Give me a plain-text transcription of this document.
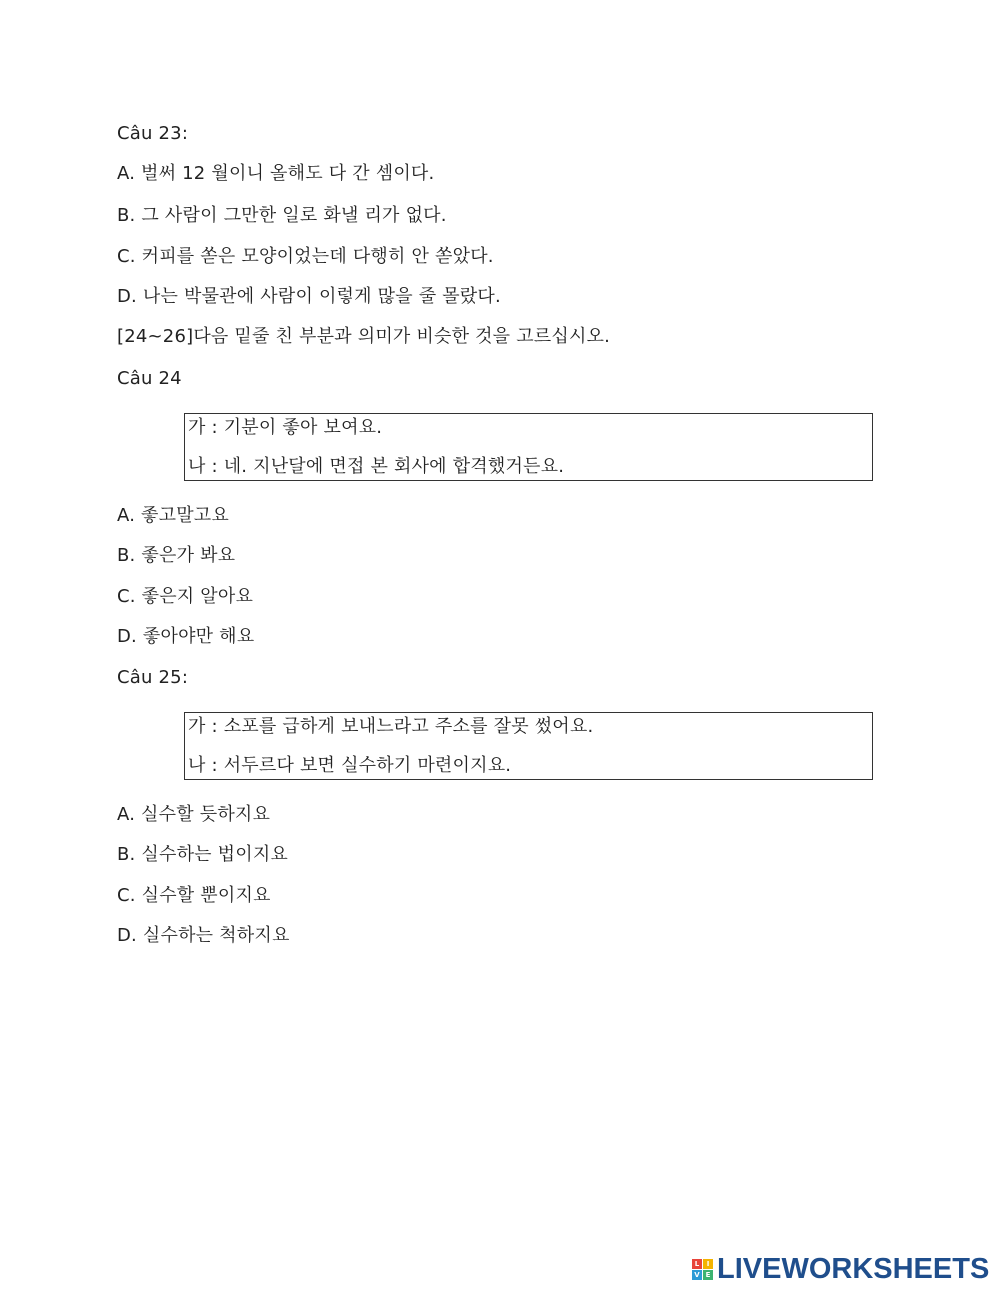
Câu 23:
A. 벌써 12 월이니 올해도 다 간 셈이다.
B. 그 사람이 그만한 일로 화낼 리가 없다.
C. 커피를 쏟은 모양이었는데 다행히 안 쏟았다.
D. 나는 박물관에 사람이 이렇게 많을 줄 몰랐다.
[24~26]다음 밑줄 친 부분과 의미가 비슷한 것을 고르십시오.
Câu 24
가 : 기분이 좋아 보여요.
나 : 네. 지난달에 면접 본 회사에 합격했거든요.
A. 좋고말고요
B. 좋은가 봐요
C. 좋은지 알아요
D. 좋아야만 해요
Câu 25:
가 : 소포를 급하게 보내느라고 주소를 잘못 썼어요.
나 : 서두르다 보면 실수하기 마련이지요.
A. 실수할 듯하지요
B. 실수하는 법이지요
C. 실수할 뿐이지요
D. 실수하는 척하지요
L	I
V E LIVEWORKSHEETS
